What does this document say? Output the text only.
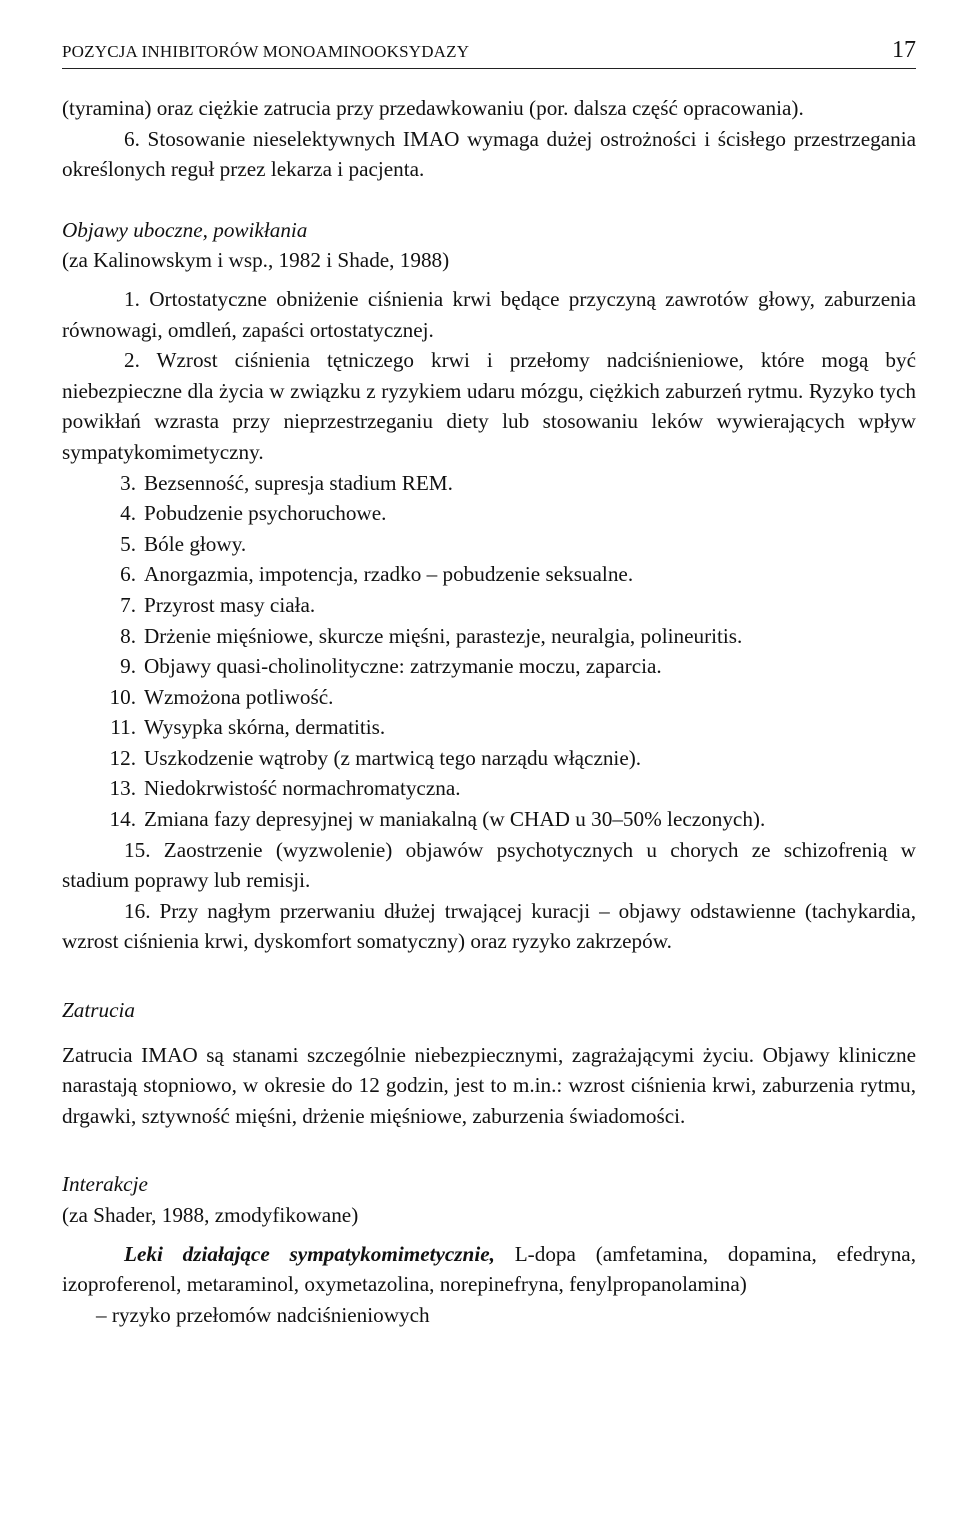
POZYCJA INHIBITORÓW MONOAMINOOKSYDAZY	17

(tyramina) oraz ciężkie zatrucia przy przedawkowaniu (por. dalsza część opracowania).

6. Stosowanie nieselektywnych IMAO wymaga dużej ostrożności i ścisłego przestrzegania określonych reguł przez lekarza i pacjenta.

Objawy uboczne, powikłania

(za Kalinowskym i wsp., 1982 i Shade, 1988)

1. Ortostatyczne obniżenie ciśnienia krwi będące przyczyną zawrotów głowy, zaburzenia równowagi, omdleń, zapaści ortostatycznej.

2. Wzrost ciśnienia tętniczego krwi i przełomy nadciśnieniowe, które mogą być niebezpieczne dla życia w związku z ryzykiem udaru mózgu, ciężkich zaburzeń rytmu. Ryzyko tych powikłań wzrasta przy nieprzestrzeganiu diety lub stosowaniu leków wywierających wpływ sympatykomimetyczny.

3. Bezsenność, supresja stadium REM.
4. Pobudzenie psychoruchowe.
5. Bóle głowy.
6. Anorgazmia, impotencja, rzadko – pobudzenie seksualne.
7. Przyrost masy ciała.
8. Drżenie mięśniowe, skurcze mięśni, parastezje, neuralgia, polineuritis.
9. Objawy quasi-cholinolityczne: zatrzymanie moczu, zaparcia.
10. Wzmożona potliwość.
11. Wysypka skórna, dermatitis.
12. Uszkodzenie wątroby (z martwicą tego narządu włącznie).
13. Niedokrwistość normachromatyczna.
14. Zmiana fazy depresyjnej w maniakalną (w CHAD u 30–50% leczonych).

15. Zaostrzenie (wyzwolenie) objawów psychotycznych u chorych ze schizofrenią w stadium poprawy lub remisji.

16. Przy nagłym przerwaniu dłużej trwającej kuracji – objawy odstawienne (tachykardia, wzrost ciśnienia krwi, dyskomfort somatyczny) oraz ryzyko zakrzepów.

Zatrucia

Zatrucia IMAO są stanami szczególnie niebezpiecznymi, zagrażającymi życiu. Objawy kliniczne narastają stopniowo, w okresie do 12 godzin, jest to m.in.: wzrost ciśnienia krwi, zaburzenia rytmu, drgawki, sztywność mięśni, drżenie mięśniowe, zaburzenia świadomości.

Interakcje

(za Shader, 1988, zmodyfikowane)

Leki działające sympatykomimetycznie, L-dopa (amfetamina, dopamina, efedryna, izoproferenol, metaraminol, oxymetazolina, norepinefryna, fenylpropanolamina)

– ryzyko przełomów nadciśnieniowych
